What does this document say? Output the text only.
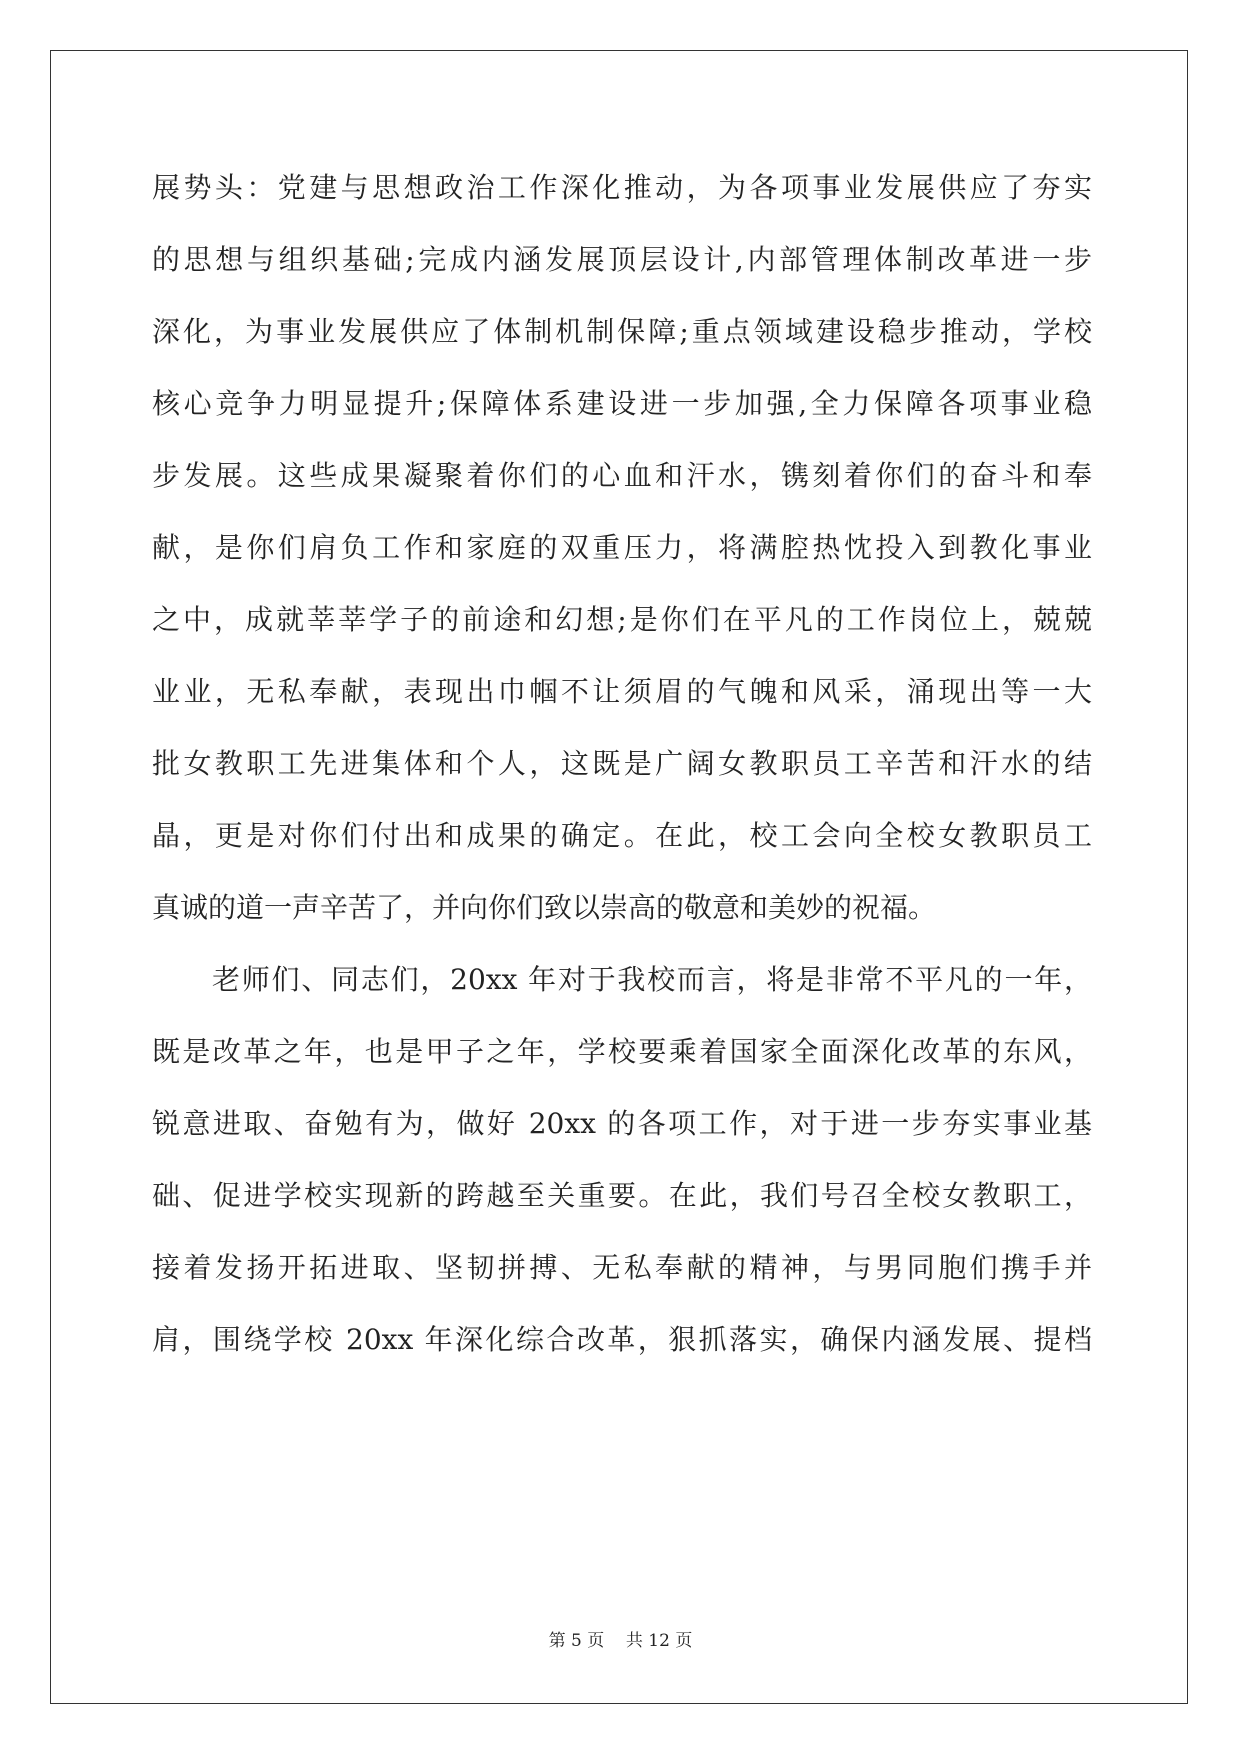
展势头：党建与思想政治工作深化推动，为各项事业发展供应了夯实
的思想与组织基础;完成内涵发展顶层设计,内部管理体制改革进一步
深化，为事业发展供应了体制机制保障;重点领域建设稳步推动，学校
核心竞争力明显提升;保障体系建设进一步加强,全力保障各项事业稳
步发展。这些成果凝聚着你们的心血和汗水，镌刻着你们的奋斗和奉
献，是你们肩负工作和家庭的双重压力，将满腔热忱投入到教化事业
之中，成就莘莘学子的前途和幻想;是你们在平凡的工作岗位上，兢兢
业业，无私奉献，表现出巾帼不让须眉的气魄和风采，涌现出等一大
批女教职工先进集体和个人，这既是广阔女教职员工辛苦和汗水的结
晶，更是对你们付出和成果的确定。在此，校工会向全校女教职员工
真诚的道一声辛苦了，并向你们致以崇高的敬意和美妙的祝福。
老师们、同志们，20xx 年对于我校而言，将是非常不平凡的一年，
既是改革之年，也是甲子之年，学校要乘着国家全面深化改革的东风，
锐意进取、奋勉有为，做好 20xx 的各项工作，对于进一步夯实事业基
础、促进学校实现新的跨越至关重要。在此，我们号召全校女教职工，
接着发扬开拓进取、坚韧拼搏、无私奉献的精神，与男同胞们携手并
肩，围绕学校 20xx 年深化综合改革，狠抓落实，确保内涵发展、提档
第 5 页    共 12 页
